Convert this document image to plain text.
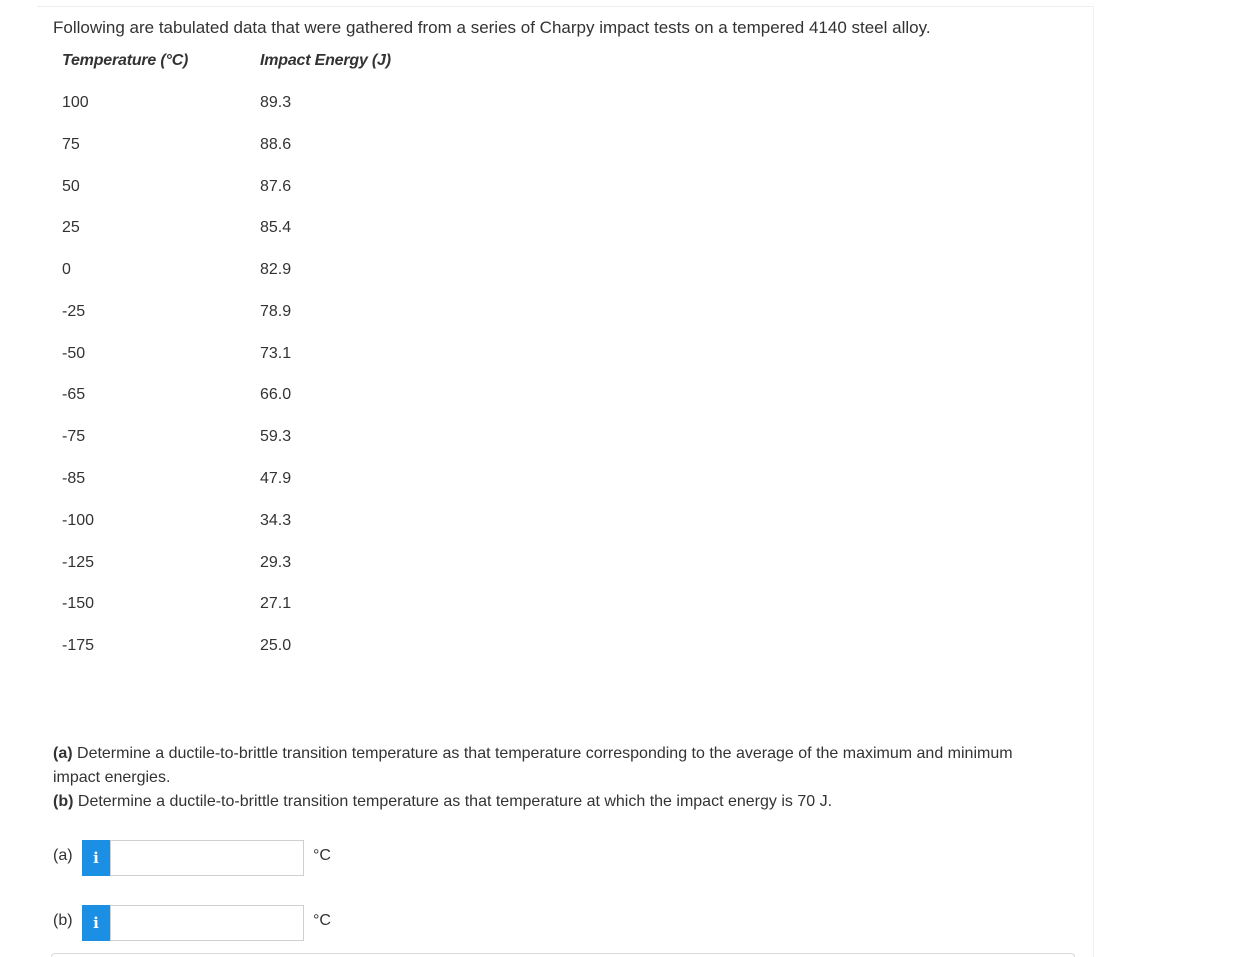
Following are tabulated data that were gathered from a series of Charpy impact tests on a tempered 4140 steel alloy.
Temperature (°C)	Impact Energy (J)
100	89.3
75	88.6
50	87.6
25	85.4
0	82.9
-25	78.9
-50	73.1
-65	66.0
-75	59.3
-85	47.9
-100	34.3
-125	29.3
-150	27.1
-175	25.0

(a) Determine a ductile-to-brittle transition temperature as that temperature corresponding to the average of the maximum and minimum impact energies.

(b) Determine a ductile-to-brittle transition temperature as that temperature at which the impact energy is 70 J.

(a)	i	°C
(b)	i	°C
